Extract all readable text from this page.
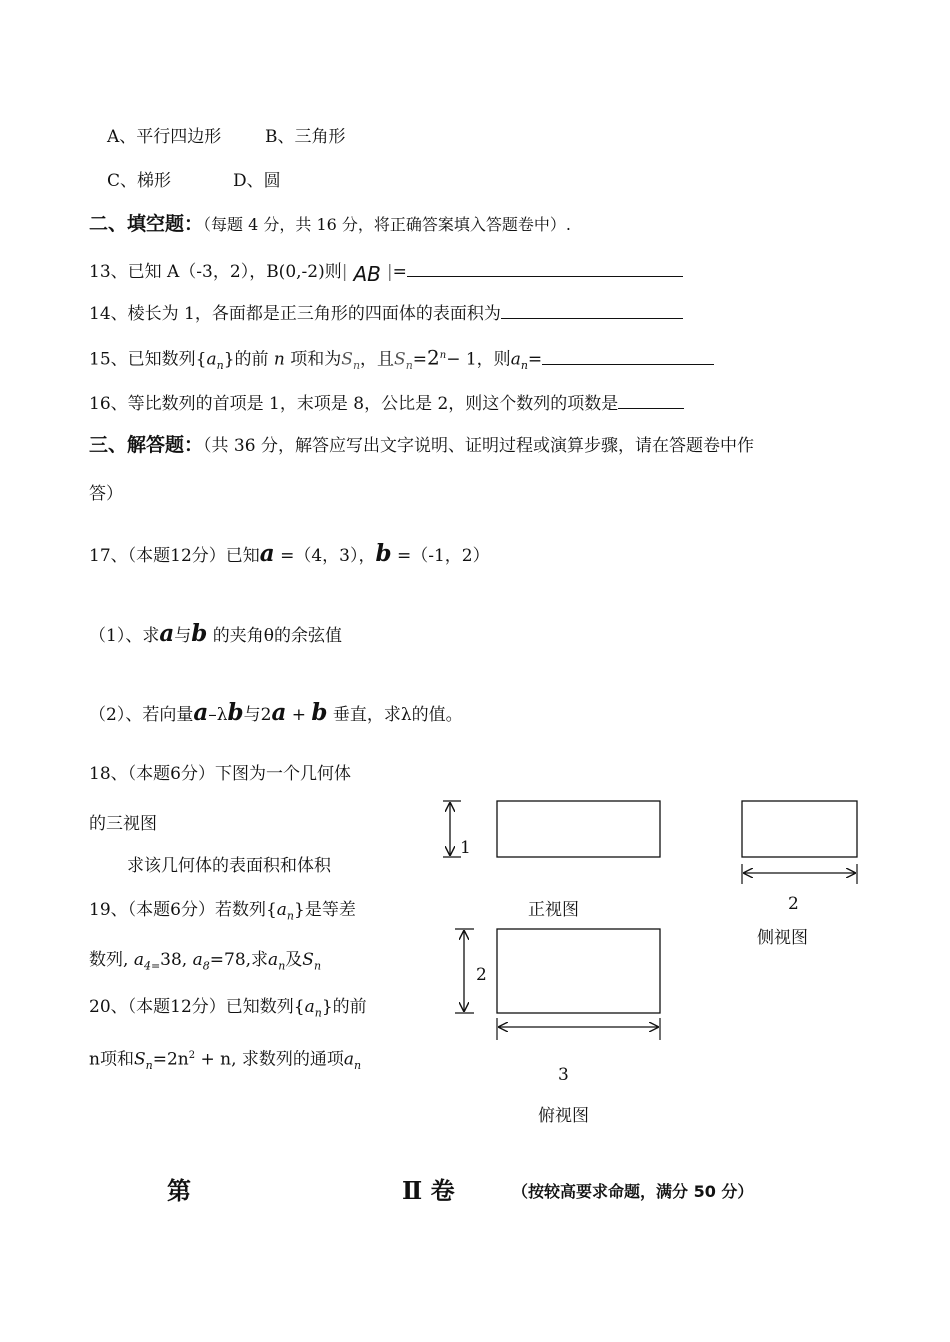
A、平行四边形	B、三角形
C、梯形	D、圆
二、填空题：（每题 4 分，共 16 分，将正确答案填入答题卷中）.
13、已知 A（-3，2），B(0,-2)则| AB |=
14、棱长为 1，各面都是正三角形的四面体的表面积为
15、已知数列$\{a_n\}$的前 n 项和为$S_n$，且$S_n=2^n- 1$，则$a_n=$
16、等比数列的首项是 1，末项是 8，公比是 2，则这个数列的项数是
三、解答题：（共 36 分，解答应写出文字说明、证明过程或演算步骤，请在答题卷中作
答）
17、（本题12分）已知a =（4，3），b =（-1，2）
（1）、求a与b 的夹角θ的余弦值
（2）、若向量a–λb与2a + b 垂直，求λ的值。
18、（本题6分）下图为一个几何体
的三视图
求该几何体的表面积和体积
19、（本题6分）若数列$\{a_n\}$是等差
数列, $a_{4=}38$, $a_8=78$,求$a_n$及$S_n$
20、（本题12分）已知数列$\{a_n\}$的前
n项和$S_n=2n^2 + n$, 求数列的通项$a_n$
1
正视图	2
侧视图
2
3
俯视图
第	Ⅱ 卷	（按较高要求命题，满分 50 分）
